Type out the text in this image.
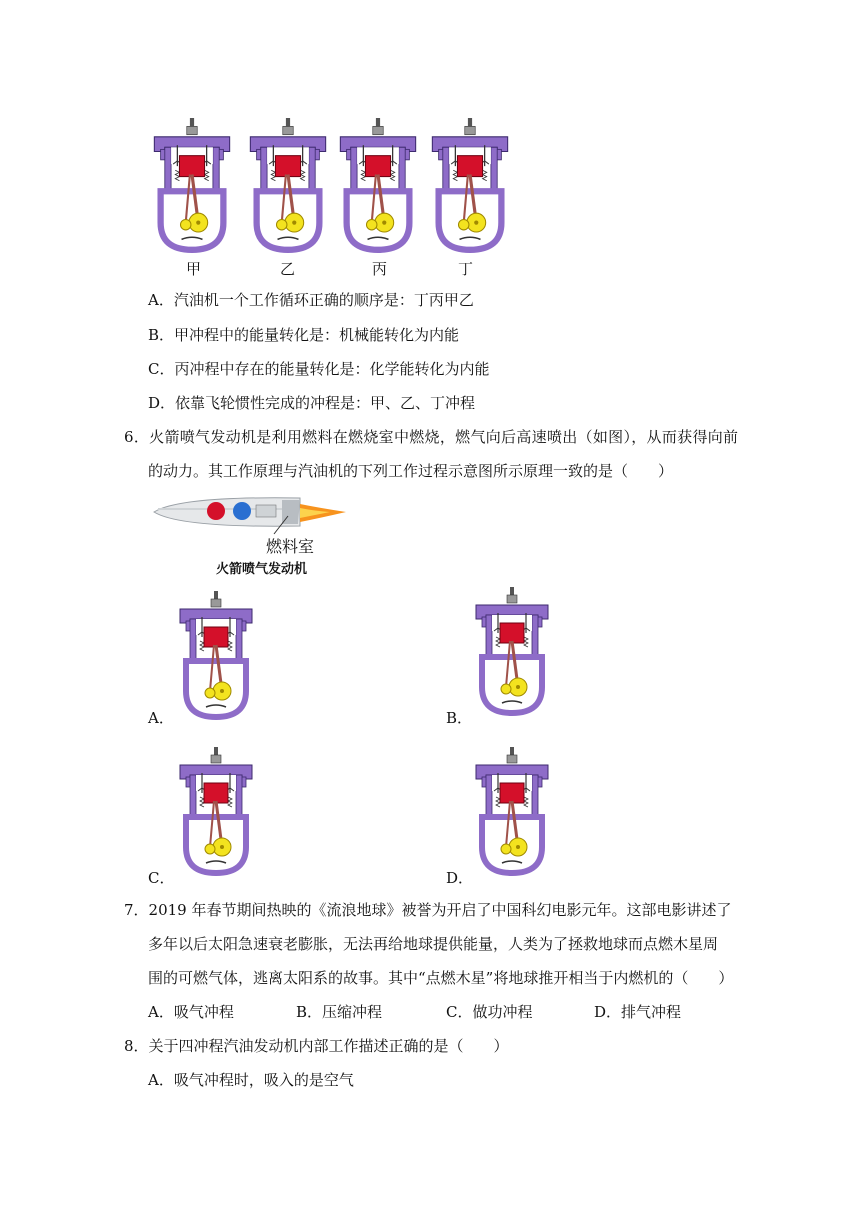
甲	乙	丙	丁
A．汽油机一个工作循环正确的顺序是：丁丙甲乙
B．甲冲程中的能量转化是：机械能转化为内能
C．丙冲程中存在的能量转化是：化学能转化为内能
D．依靠飞轮惯性完成的冲程是：甲、乙、丁冲程
6．火箭喷气发动机是利用燃料在燃烧室中燃烧，燃气向后高速喷出（如图），从而获得向前
的动力。其工作原理与汽油机的下列工作过程示意图所示原理一致的是（　　）
燃料室
火箭喷气发动机
A．	B．
C．	D．
7．2019 年春节期间热映的《流浪地球》被誉为开启了中国科幻电影元年。这部电影讲述了
多年以后太阳急速衰老膨胀，无法再给地球提供能量，人类为了拯救地球而点燃木星周
围的可燃气体，逃离太阳系的故事。其中“点燃木星”将地球推开相当于内燃机的（　　）
A．吸气冲程	B．压缩冲程	C．做功冲程	D．排气冲程
8．关于四冲程汽油发动机内部工作描述正确的是（　　）
A．吸气冲程时，吸入的是空气
